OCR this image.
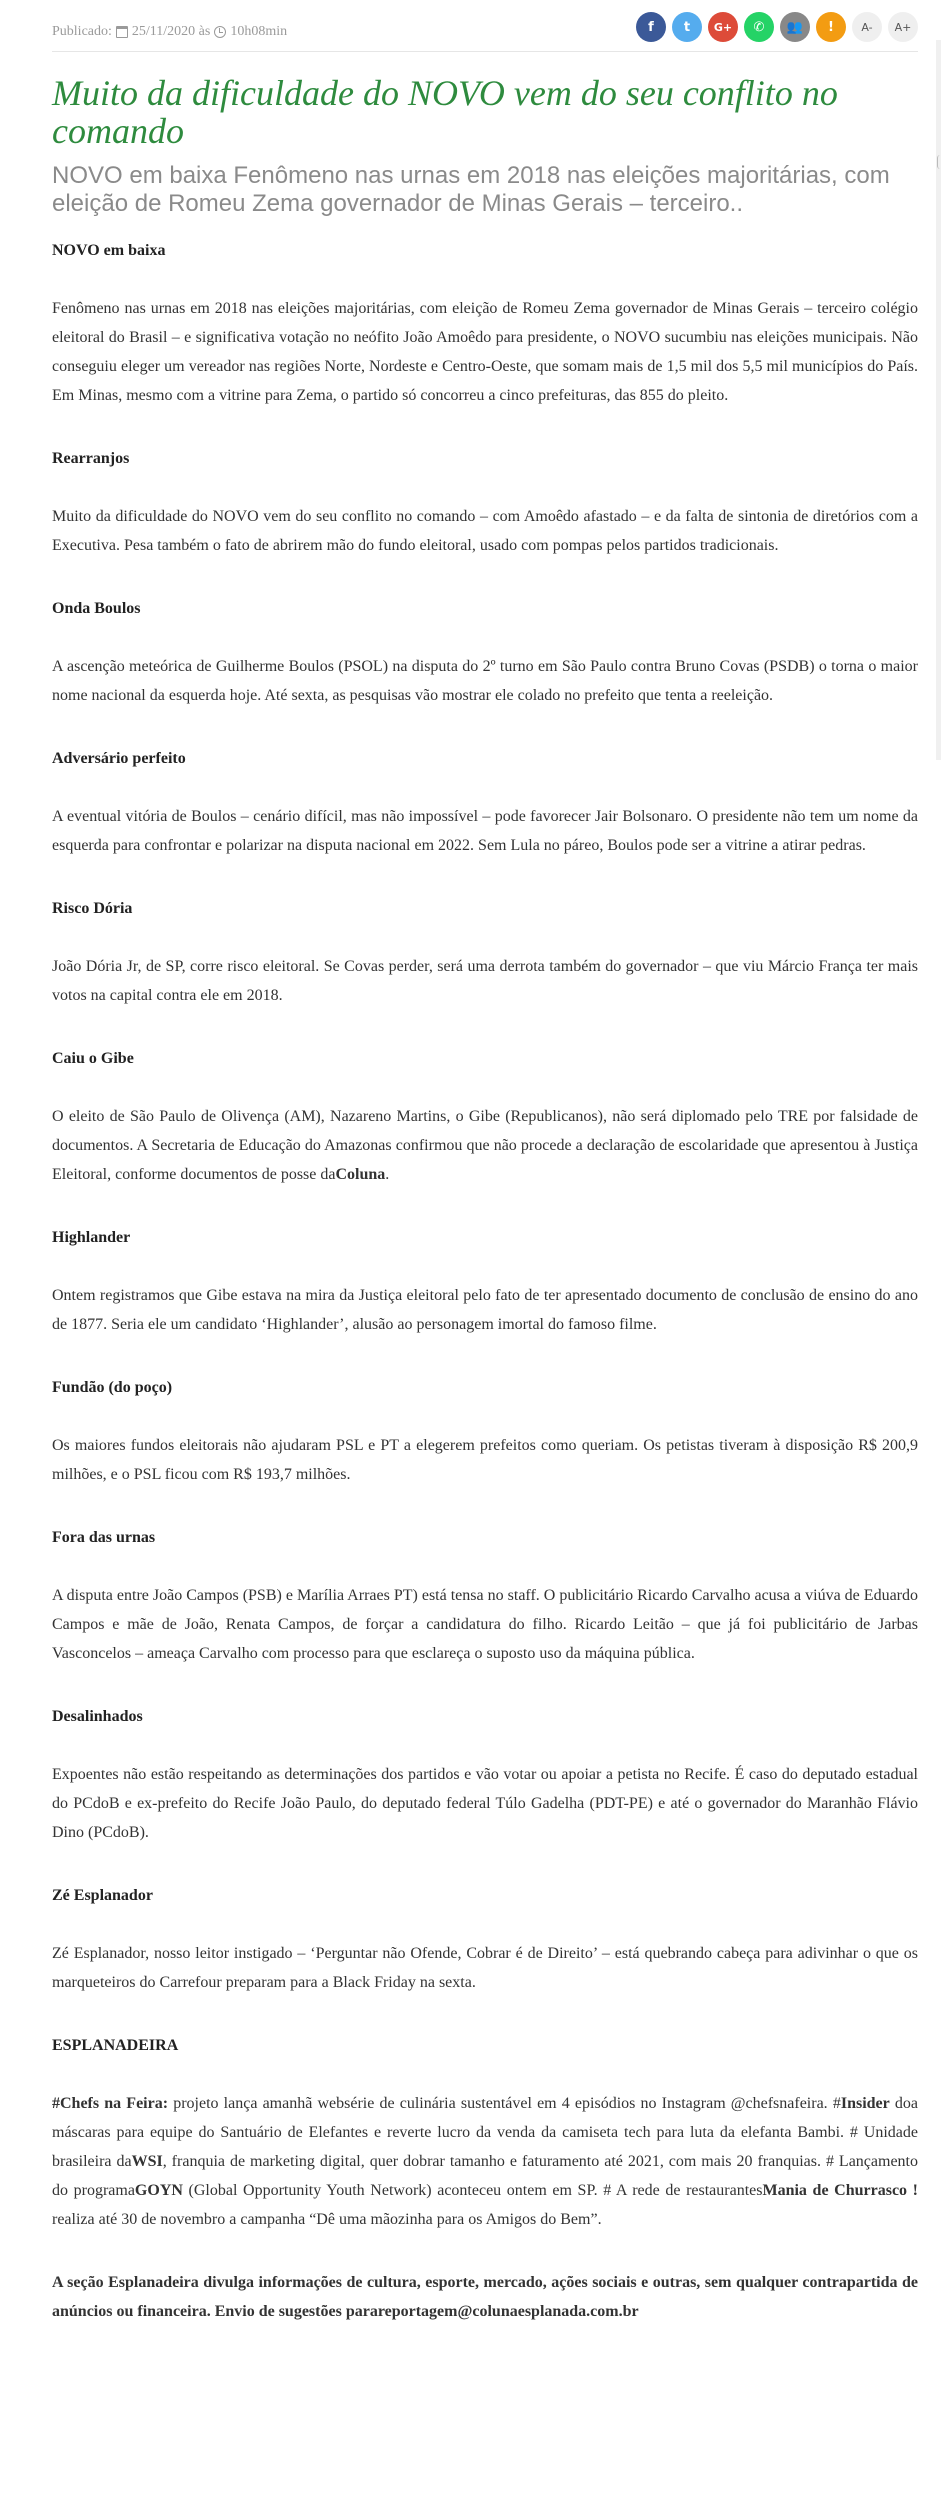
Publicado: 25/11/2020 às 10h08min	f t G+ ✆ 👥 !	A-	A+
Muito da dificuldade do NOVO vem do seu conflito no comando
NOVO em baixa Fenômeno nas urnas em 2018 nas eleições majoritárias, com eleição de Romeu Zema governador de Minas Gerais – terceiro..
NOVO em baixa

Fenômeno nas urnas em 2018 nas eleições majoritárias, com eleição de Romeu Zema governador de Minas Gerais – terceiro colégio eleitoral do Brasil – e significativa votação no neófito João Amoêdo para presidente, o NOVO sucumbiu nas eleições municipais. Não conseguiu eleger um vereador nas regiões Norte, Nordeste e Centro-Oeste, que somam mais de 1,5 mil dos 5,5 mil municípios do País. Em Minas, mesmo com a vitrine para Zema, o partido só concorreu a cinco prefeituras, das 855 do pleito.

Rearranjos

Muito da dificuldade do NOVO vem do seu conflito no comando – com Amoêdo afastado – e da falta de sintonia de diretórios com a Executiva. Pesa também o fato de abrirem mão do fundo eleitoral, usado com pompas pelos partidos tradicionais.

Onda Boulos

A ascenção meteórica de Guilherme Boulos (PSOL) na disputa do 2º turno em São Paulo contra Bruno Covas (PSDB) o torna o maior nome nacional da esquerda hoje. Até sexta, as pesquisas vão mostrar ele colado no prefeito que tenta a reeleição.

Adversário perfeito

A eventual vitória de Boulos – cenário difícil, mas não impossível – pode favorecer Jair Bolsonaro. O presidente não tem um nome da esquerda para confrontar e polarizar na disputa nacional em 2022. Sem Lula no páreo, Boulos pode ser a vitrine a atirar pedras.

Risco Dória

João Dória Jr, de SP, corre risco eleitoral. Se Covas perder, será uma derrota também do governador – que viu Márcio França ter mais votos na capital contra ele em 2018.

Caiu o Gibe

O eleito de São Paulo de Olivença (AM), Nazareno Martins, o Gibe (Republicanos), não será diplomado pelo TRE por falsidade de documentos. A Secretaria de Educação do Amazonas confirmou que não procede a declaração de escolaridade que apresentou à Justiça Eleitoral, conforme documentos de posse daColuna.

Highlander

Ontem registramos que Gibe estava na mira da Justiça eleitoral pelo fato de ter apresentado documento de conclusão de ensino do ano de 1877. Seria ele um candidato ‘Highlander’, alusão ao personagem imortal do famoso filme.

Fundão (do poço)

Os maiores fundos eleitorais não ajudaram PSL e PT a elegerem prefeitos como queriam. Os petistas tiveram à disposição R$ 200,9 milhões, e o PSL ficou com R$ 193,7 milhões.

Fora das urnas

A disputa entre João Campos (PSB) e Marília Arraes PT) está tensa no staff. O publicitário Ricardo Carvalho acusa a viúva de Eduardo Campos e mãe de João, Renata Campos, de forçar a candidatura do filho. Ricardo Leitão – que já foi publicitário de Jarbas Vasconcelos – ameaça Carvalho com processo para que esclareça o suposto uso da máquina pública.

Desalinhados

Expoentes não estão respeitando as determinações dos partidos e vão votar ou apoiar a petista no Recife. É caso do deputado estadual do PCdoB e ex-prefeito do Recife João Paulo, do deputado federal Túlo Gadelha (PDT-PE) e até o governador do Maranhão Flávio Dino (PCdoB).

Zé Esplanador

Zé Esplanador, nosso leitor instigado – ‘Perguntar não Ofende, Cobrar é de Direito’ – está quebrando cabeça para adivinhar o que os marqueteiros do Carrefour preparam para a Black Friday na sexta.

ESPLANADEIRA

#Chefs na Feira: projeto lança amanhã websérie de culinária sustentável em 4 episódios no Instagram @chefsnafeira. #Insider doa máscaras para equipe do Santuário de Elefantes e reverte lucro da venda da camiseta tech para luta da elefanta Bambi. # Unidade brasileira daWSI, franquia de marketing digital, quer dobrar tamanho e faturamento até 2021, com mais 20 franquias. # Lançamento do programaGOYN (Global Opportunity Youth Network) aconteceu ontem em SP. # A rede de restaurantesMania de Churrasco ! realiza até 30 de novembro a campanha “Dê uma mãozinha para os Amigos do Bem”.

A seção Esplanadeira divulga informações de cultura, esporte, mercado, ações sociais e outras, sem qualquer contrapartida de anúncios ou financeira. Envio de sugestões parareportagem@colunaesplanada.com.br
